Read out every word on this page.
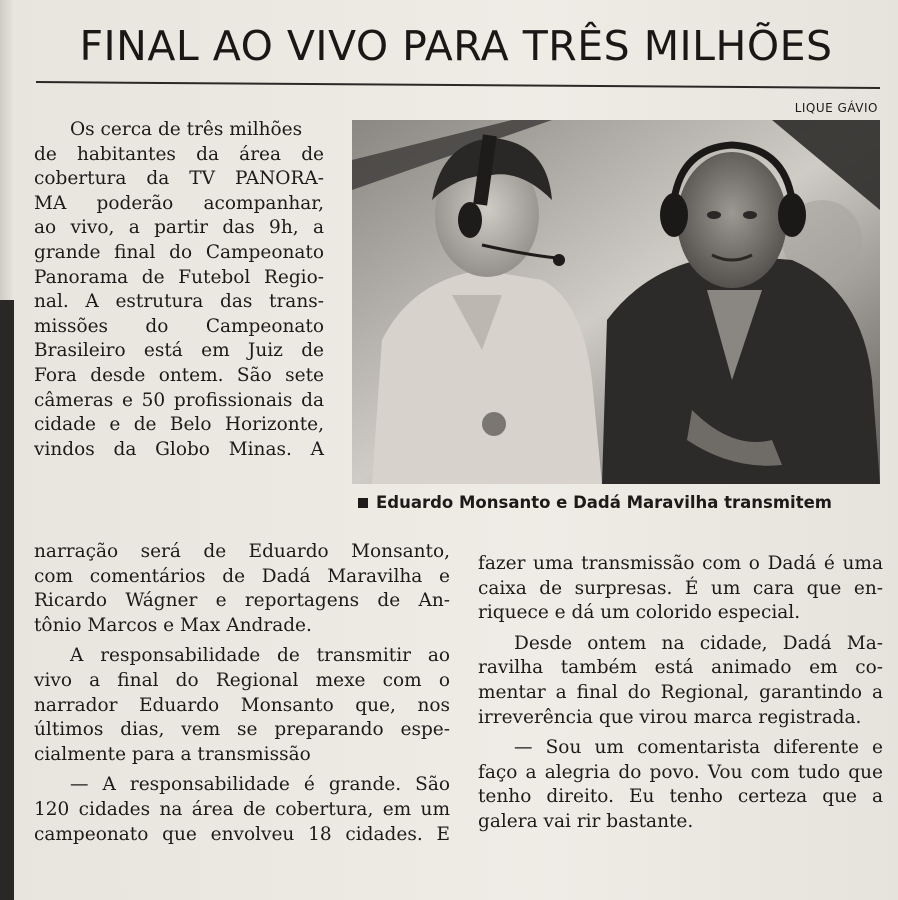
FINAL AO VIVO PARA TRÊS MILHÕES
LIQUE GÁVIO

Os cerca de três milhões

de habitantes da área de

cobertura da TV PANORA-

MA poderão acompanhar,

ao vivo, a partir das 9h, a

grande final do Campeonato

Panorama de Futebol Regio-

nal. A estrutura das trans-

missões do Campeonato

Brasileiro está em Juiz de

Fora desde ontem. São sete

câmeras e 50 profissionais da

cidade e de Belo Horizonte,

vindos da Globo Minas. A

Eduardo Monsanto e Dadá Maravilha transmitem

narração será de Eduardo Monsanto,

com comentários de Dadá Maravilha e

Ricardo Wágner e reportagens de An-

tônio Marcos e Max Andrade.

A responsabilidade de transmitir ao

vivo a final do Regional mexe com o

narrador Eduardo Monsanto que, nos

últimos dias, vem se preparando espe-

cialmente para a transmissão

— A responsabilidade é grande. São

120 cidades na área de cobertura, em um

campeonato que envolveu 18 cidades. E

fazer uma transmissão com o Dadá é uma

caixa de surpresas. É um cara que en-

riquece e dá um colorido especial.

Desde ontem na cidade, Dadá Ma-

ravilha também está animado em co-

mentar a final do Regional, garantindo a

irreverência que virou marca registrada.

— Sou um comentarista diferente e

faço a alegria do povo. Vou com tudo que

tenho direito. Eu tenho certeza que a

galera vai rir bastante.
